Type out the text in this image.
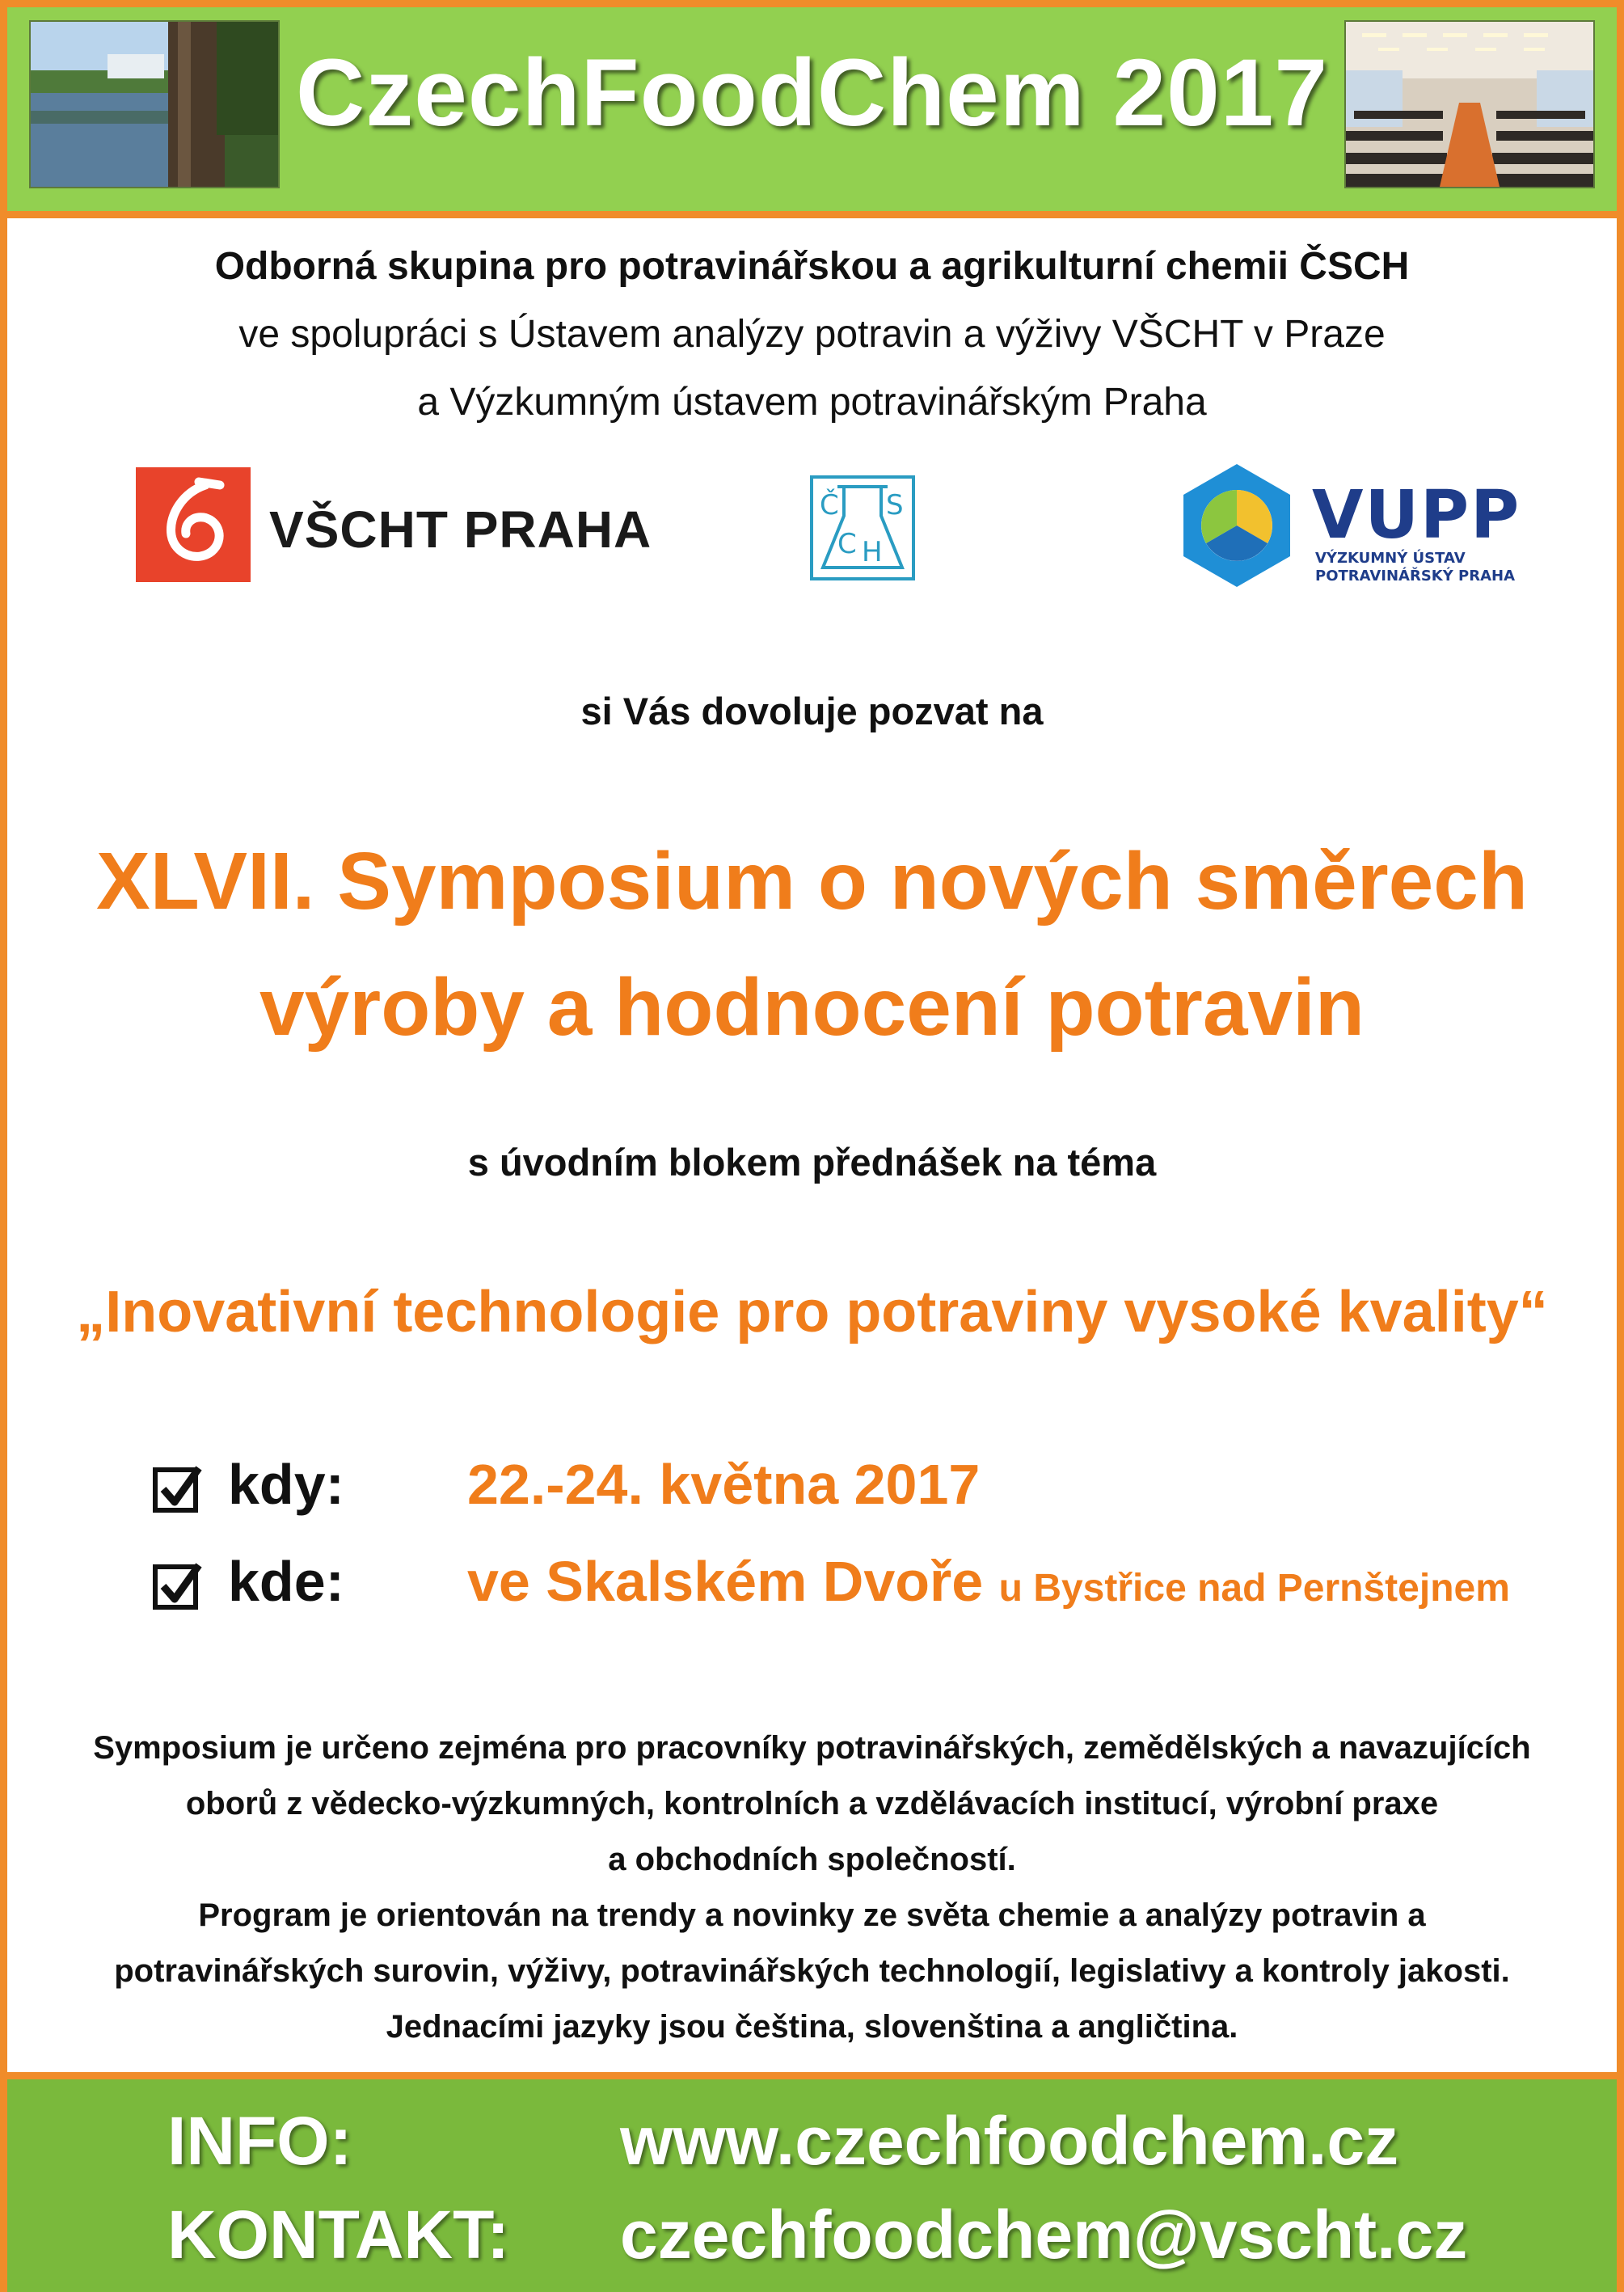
CzechFoodChem 2017
Odborná skupina pro potravinářskou a agrikulturní chemii ČSCH
ve spolupráci s Ústavem analýzy potravin a výživy VŠCHT v Praze
a Výzkumným ústavem potravinářským Praha
VŠCHT PRAHA	Č S
C H	VUPP
VÝZKUMNÝ ÚSTAV
POTRAVINÁŘSKÝ PRAHA
si Vás dovoluje pozvat na
XLVII. Symposium o nových směrech
výroby a hodnocení potravin
s úvodním blokem přednášek na téma
„Inovativní technologie pro potraviny vysoké kvality“
kdy: 22.-24. května 2017
kde: ve Skalském Dvoře u Bystřice nad Pernštejnem
Symposium je určeno zejména pro pracovníky potravinářských, zemědělských a navazujících
oborů z vědecko-výzkumných, kontrolních a vzdělávacích institucí, výrobní praxe
a obchodních společností.
Program je orientován na trendy a novinky ze světa chemie a analýzy potravin a
potravinářských surovin, výživy, potravinářských technologií, legislativy a kontroly jakosti.
Jednacími jazyky jsou čeština, slovenština a angličtina.
INFO:	www.czechfoodchem.cz
KONTAKT: czechfoodchem@vscht.cz
